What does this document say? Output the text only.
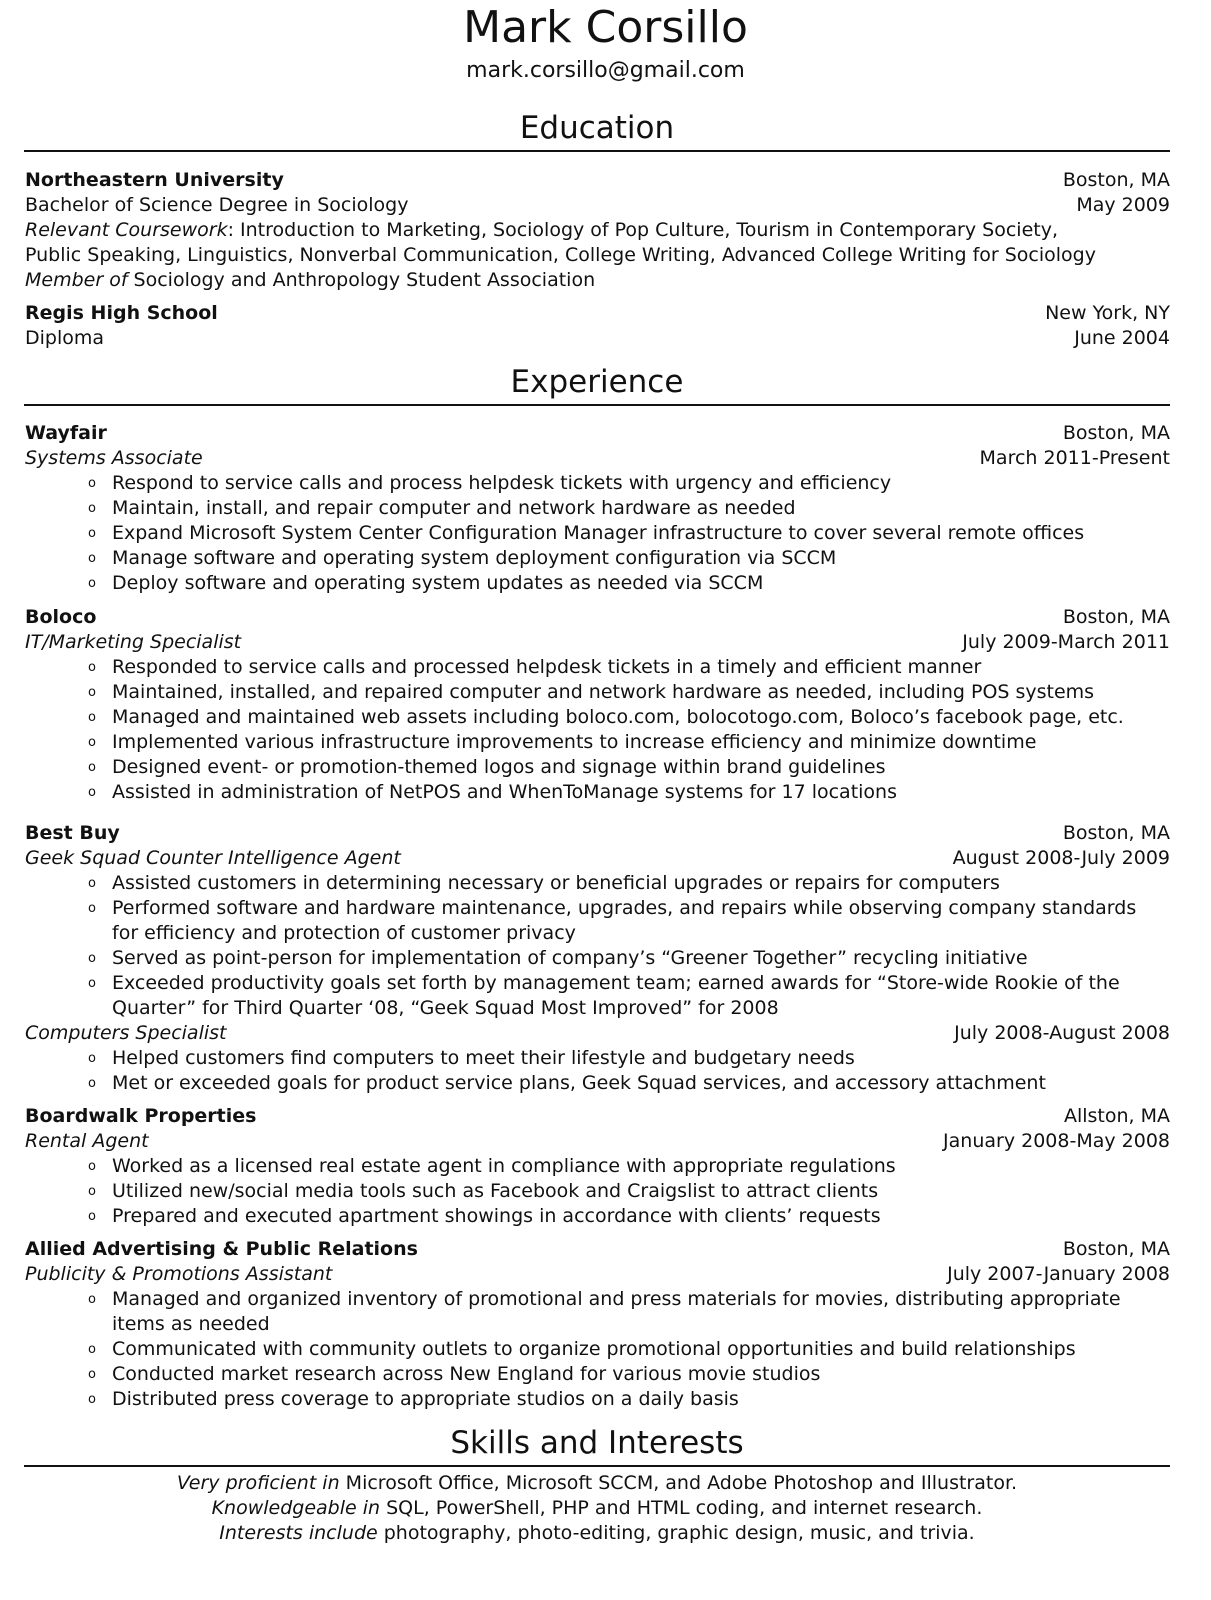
Mark Corsillo
mark.corsillo@gmail.com
Education
Northeastern University	Boston, MA
Bachelor of Science Degree in Sociology	May 2009
Relevant Coursework: Introduction to Marketing, Sociology of Pop Culture, Tourism in Contemporary Society,
Public Speaking, Linguistics, Nonverbal Communication, College Writing, Advanced College Writing for Sociology
Member of Sociology and Anthropology Student Association
Regis High School	New York, NY
Diploma	June 2004
Experience
Wayfair	Boston, MA
Systems Associate	March 2011-Present
o Respond to service calls and process helpdesk tickets with urgency and efficiency
o Maintain, install, and repair computer and network hardware as needed
o Expand Microsoft System Center Configuration Manager infrastructure to cover several remote offices
o Manage software and operating system deployment configuration via SCCM
o Deploy software and operating system updates as needed via SCCM
Boloco	Boston, MA
IT/Marketing Specialist	July 2009-March 2011
o Responded to service calls and processed helpdesk tickets in a timely and efficient manner
o Maintained, installed, and repaired computer and network hardware as needed, including POS systems
o Managed and maintained web assets including boloco.com, bolocotogo.com, Boloco’s facebook page, etc.
o Implemented various infrastructure improvements to increase efficiency and minimize downtime
o Designed event- or promotion-themed logos and signage within brand guidelines
o Assisted in administration of NetPOS and WhenToManage systems for 17 locations
Best Buy	Boston, MA
Geek Squad Counter Intelligence Agent	August 2008-July 2009
o Assisted customers in determining necessary or beneficial upgrades or repairs for computers
o Performed software and hardware maintenance, upgrades, and repairs while observing company standards for efficiency and protection of customer privacy
o Served as point-person for implementation of company’s “Greener Together” recycling initiative
o Exceeded productivity goals set forth by management team; earned awards for “Store-wide Rookie of the Quarter” for Third Quarter ‘08, “Geek Squad Most Improved” for 2008
Computers Specialist	July 2008-August 2008
o Helped customers find computers to meet their lifestyle and budgetary needs
o Met or exceeded goals for product service plans, Geek Squad services, and accessory attachment
Boardwalk Properties	Allston, MA
Rental Agent	January 2008-May 2008
o Worked as a licensed real estate agent in compliance with appropriate regulations
o Utilized new/social media tools such as Facebook and Craigslist to attract clients
o Prepared and executed apartment showings in accordance with clients’ requests
Allied Advertising & Public Relations	Boston, MA
Publicity & Promotions Assistant	July 2007-January 2008
o Managed and organized inventory of promotional and press materials for movies, distributing appropriate items as needed
o Communicated with community outlets to organize promotional opportunities and build relationships
o Conducted market research across New England for various movie studios
o Distributed press coverage to appropriate studios on a daily basis
Skills and Interests
Very proficient in Microsoft Office, Microsoft SCCM, and Adobe Photoshop and Illustrator.
Knowledgeable in SQL, PowerShell, PHP and HTML coding, and internet research.
Interests include photography, photo-editing, graphic design, music, and trivia.
